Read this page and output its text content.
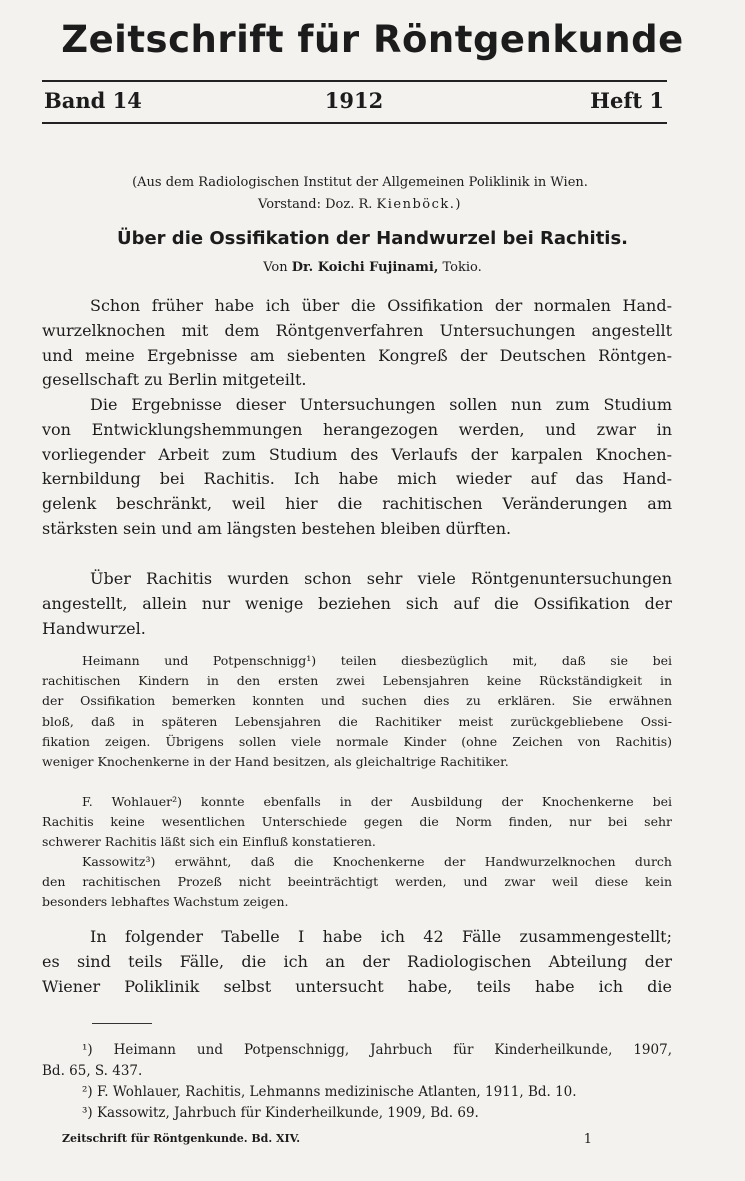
Zeitschrift für Röntgenkunde
Band 14	1912	Heft 1
(Aus dem Radiologischen Institut der Allgemeinen Poliklinik in Wien.
Vorstand: Doz. R. Kienböck.)
Über die Ossifikation der Handwurzel bei Rachitis.
Von Dr. Koichi Fujinami, Tokio.

Schon früher habe ich über die Ossifikation der normalen Hand-

wurzelknochen mit dem Röntgenverfahren Untersuchungen angestellt

und meine Ergebnisse am siebenten Kongreß der Deutschen Röntgen-

gesellschaft zu Berlin mitgeteilt.

Die Ergebnisse dieser Untersuchungen sollen nun zum Studium

von Entwicklungshemmungen herangezogen werden, und zwar in

vorliegender Arbeit zum Studium des Verlaufs der karpalen Knochen-

kernbildung bei Rachitis. Ich habe mich wieder auf das Hand-

gelenk beschränkt, weil hier die rachitischen Veränderungen am

stärksten sein und am längsten bestehen bleiben dürften.

Über Rachitis wurden schon sehr viele Röntgenuntersuchungen

angestellt, allein nur wenige beziehen sich auf die Ossifikation der

Handwurzel.

Heimann und Potpenschnigg¹) teilen diesbezüglich mit, daß sie bei

rachitischen Kindern in den ersten zwei Lebensjahren keine Rückständigkeit in

der Ossifikation bemerken konnten und suchen dies zu erklären. Sie erwähnen

bloß, daß in späteren Lebensjahren die Rachitiker meist zurückgebliebene Ossi-

fikation zeigen. Übrigens sollen viele normale Kinder (ohne Zeichen von Rachitis)

weniger Knochenkerne in der Hand besitzen, als gleichaltrige Rachitiker.

F. Wohlauer²) konnte ebenfalls in der Ausbildung der Knochenkerne bei

Rachitis keine wesentlichen Unterschiede gegen die Norm finden, nur bei sehr

schwerer Rachitis läßt sich ein Einfluß konstatieren.

Kassowitz³) erwähnt, daß die Knochenkerne der Handwurzelknochen durch

den rachitischen Prozeß nicht beeinträchtigt werden, und zwar weil diese kein

besonders lebhaftes Wachstum zeigen.

In folgender Tabelle I habe ich 42 Fälle zusammengestellt;

es sind teils Fälle, die ich an der Radiologischen Abteilung der

Wiener Poliklinik selbst untersucht habe, teils habe ich die

¹) Heimann und Potpenschnigg, Jahrbuch für Kinderheilkunde, 1907,

Bd. 65, S. 437.

²) F. Wohlauer, Rachitis, Lehmanns medizinische Atlanten, 1911, Bd. 10.

³) Kassowitz, Jahrbuch für Kinderheilkunde, 1909, Bd. 69.

Zeitschrift für Röntgenkunde. Bd. XIV.	1
